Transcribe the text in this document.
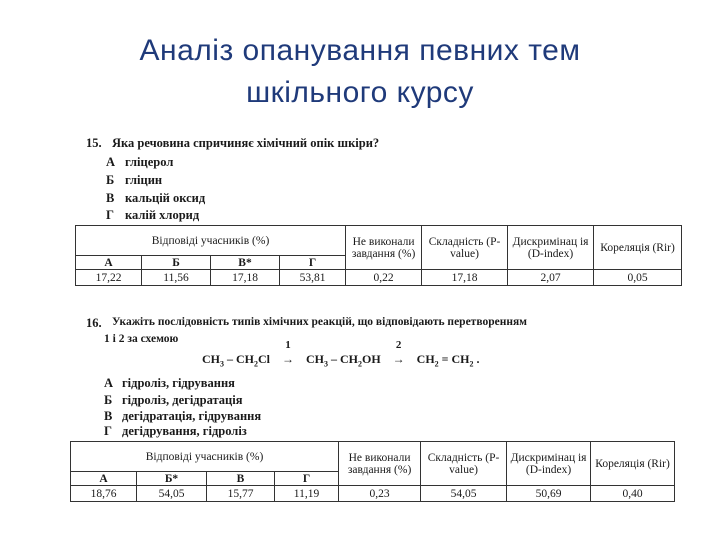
Аналіз опанування певних тем
шкільного курсу
15. Яка речовина спричиняє хімічний опік шкіри?
А гліцерол
Б гліцин
В кальцій оксид
Г калій хлорид
Відповіді учасників (%)				Не виконали завдання (%)	Складність (P-value)	Дискримінац ія (D-index)	Кореляція (Rir)
А	Б	В*	Г				
17,22	11,56	17,18	53,81	0,22	17,18	2,07	0,05
16. Укажіть послідовність типів хімічних реакцій, що відповідають перетворенням
1 і 2 за схемою
$CH_3 - CH_2Cl$
1
→ $CH_3 - CH_2OH$
2
→ $CH_2 = CH_2$ .
А гідроліз, гідрування
Б гідроліз, дегідратація
В дегідратація, гідрування
Г дегідрування, гідроліз
Відповіді учасників (%)				Не виконали завдання (%)	Складність (P-value)	Дискримінац ія (D-index)	Кореляція (Rir)
А	Б*	В	Г				
18,76	54,05	15,77	11,19	0,23	54,05	50,69	0,40
